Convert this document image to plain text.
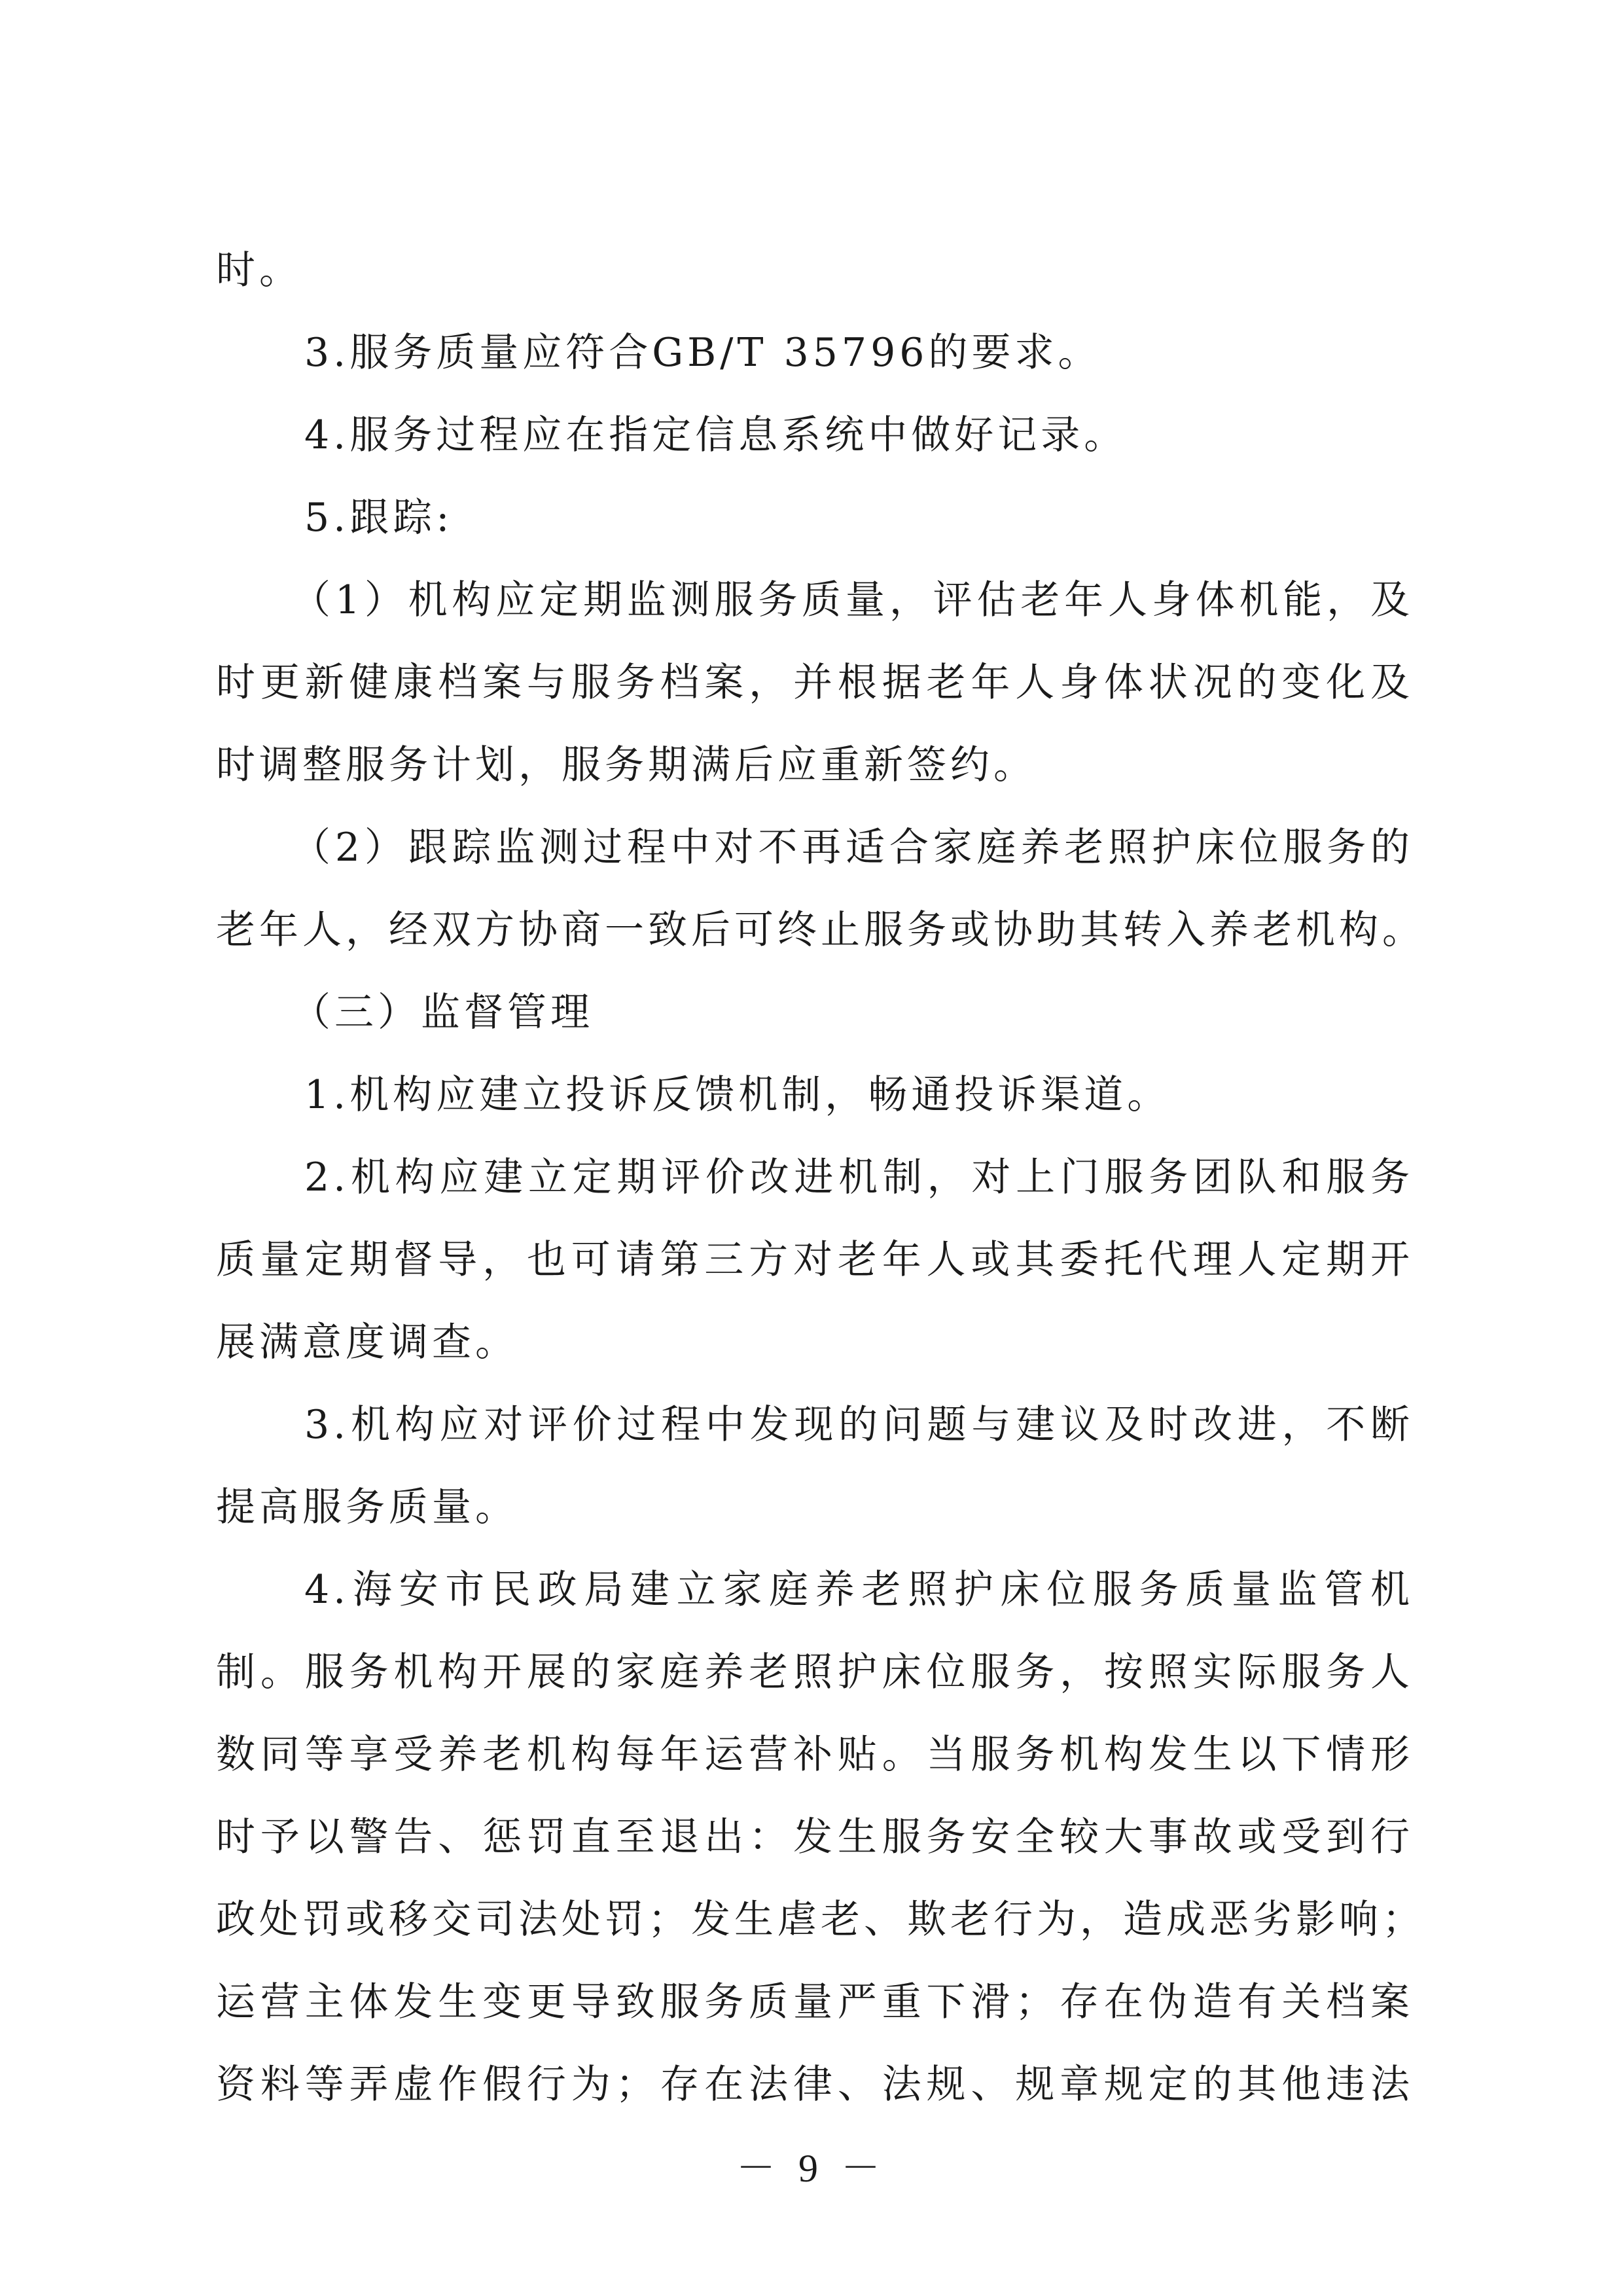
时。
3.服务质量应符合GB/T 35796的要求。
4.服务过程应在指定信息系统中做好记录。
5.跟踪:
（1）机构应定期监测服务质量，评估老年人身体机能，及
时更新健康档案与服务档案，并根据老年人身体状况的变化及
时调整服务计划，服务期满后应重新签约。
（2）跟踪监测过程中对不再适合家庭养老照护床位服务的
老年人，经双方协商一致后可终止服务或协助其转入养老机构。
（三）监督管理
1.机构应建立投诉反馈机制，畅通投诉渠道。
2.机构应建立定期评价改进机制，对上门服务团队和服务
质量定期督导，也可请第三方对老年人或其委托代理人定期开
展满意度调查。
3.机构应对评价过程中发现的问题与建议及时改进，不断
提高服务质量。
4.海安市民政局建立家庭养老照护床位服务质量监管机
制。服务机构开展的家庭养老照护床位服务，按照实际服务人
数同等享受养老机构每年运营补贴。当服务机构发生以下情形
时予以警告、惩罚直至退出：发生服务安全较大事故或受到行
政处罚或移交司法处罚；发生虐老、欺老行为，造成恶劣影响；
运营主体发生变更导致服务质量严重下滑；存在伪造有关档案
资料等弄虚作假行为；存在法律、法规、规章规定的其他违法
－ 9 －
